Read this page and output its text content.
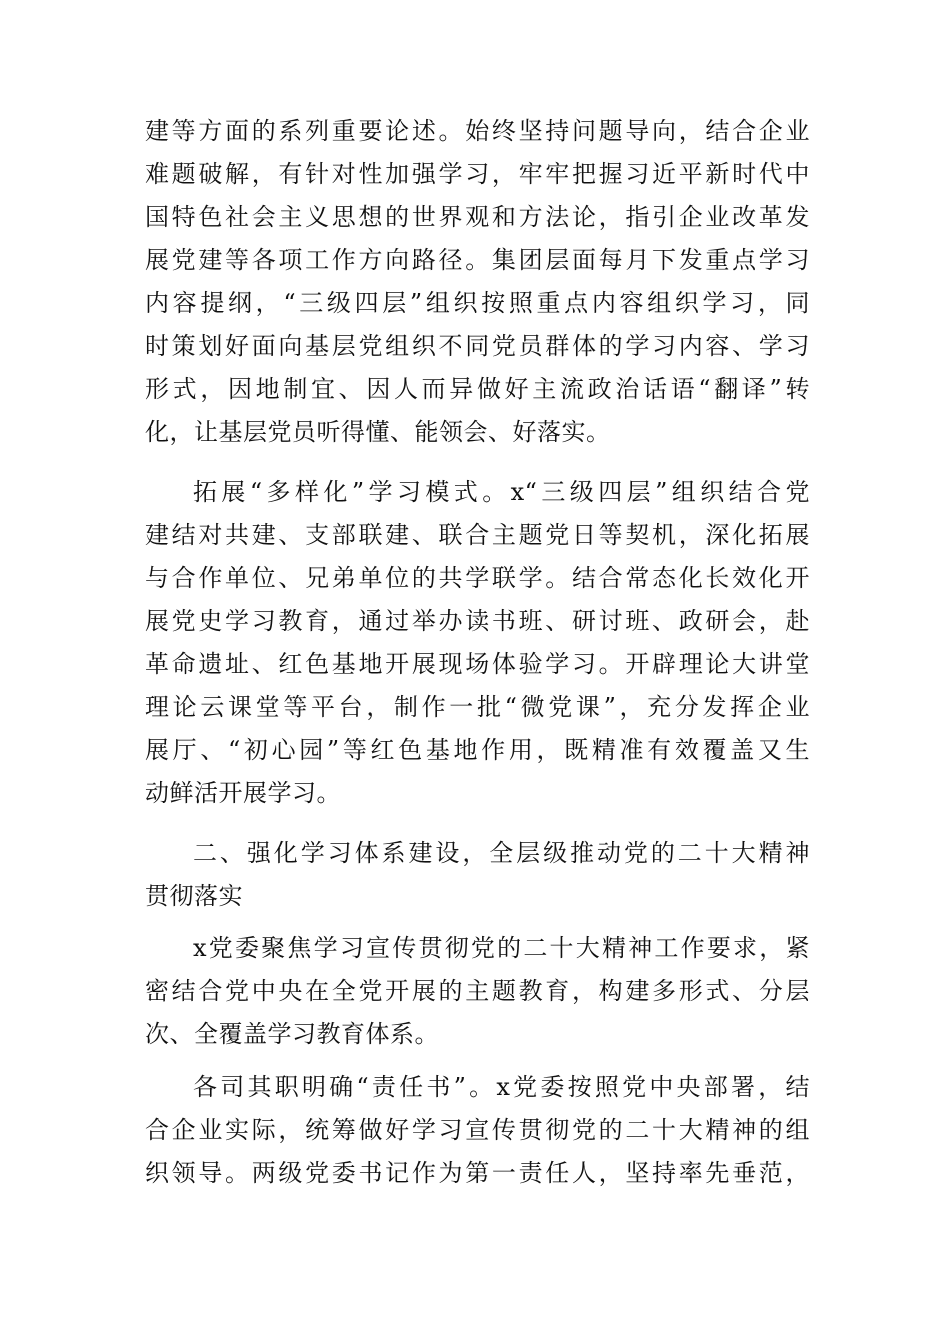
建等方面的系列重要论述。始终坚持问题导向，结合企业
难题破解，有针对性加强学习，牢牢把握习近平新时代中
国特色社会主义思想的世界观和方法论，指引企业改革发
展党建等各项工作方向路径。集团层面每月下发重点学习
内容提纲，“三级四层”组织按照重点内容组织学习，同
时策划好面向基层党组织不同党员群体的学习内容、学习
形式，因地制宜、因人而异做好主流政治话语“翻译”转
化，让基层党员听得懂、能领会、好落实。
拓展“多样化”学习模式。x“三级四层”组织结合党
建结对共建、支部联建、联合主题党日等契机，深化拓展
与合作单位、兄弟单位的共学联学。结合常态化长效化开
展党史学习教育，通过举办读书班、研讨班、政研会，赴
革命遗址、红色基地开展现场体验学习。开辟理论大讲堂
理论云课堂等平台，制作一批“微党课”，充分发挥企业
展厅、“初心园”等红色基地作用，既精准有效覆盖又生
动鲜活开展学习。
二、强化学习体系建设，全层级推动党的二十大精神
贯彻落实
x党委聚焦学习宣传贯彻党的二十大精神工作要求，紧
密结合党中央在全党开展的主题教育，构建多形式、分层
次、全覆盖学习教育体系。
各司其职明确“责任书”。x党委按照党中央部署，结
合企业实际，统筹做好学习宣传贯彻党的二十大精神的组
织领导。两级党委书记作为第一责任人，坚持率先垂范，
